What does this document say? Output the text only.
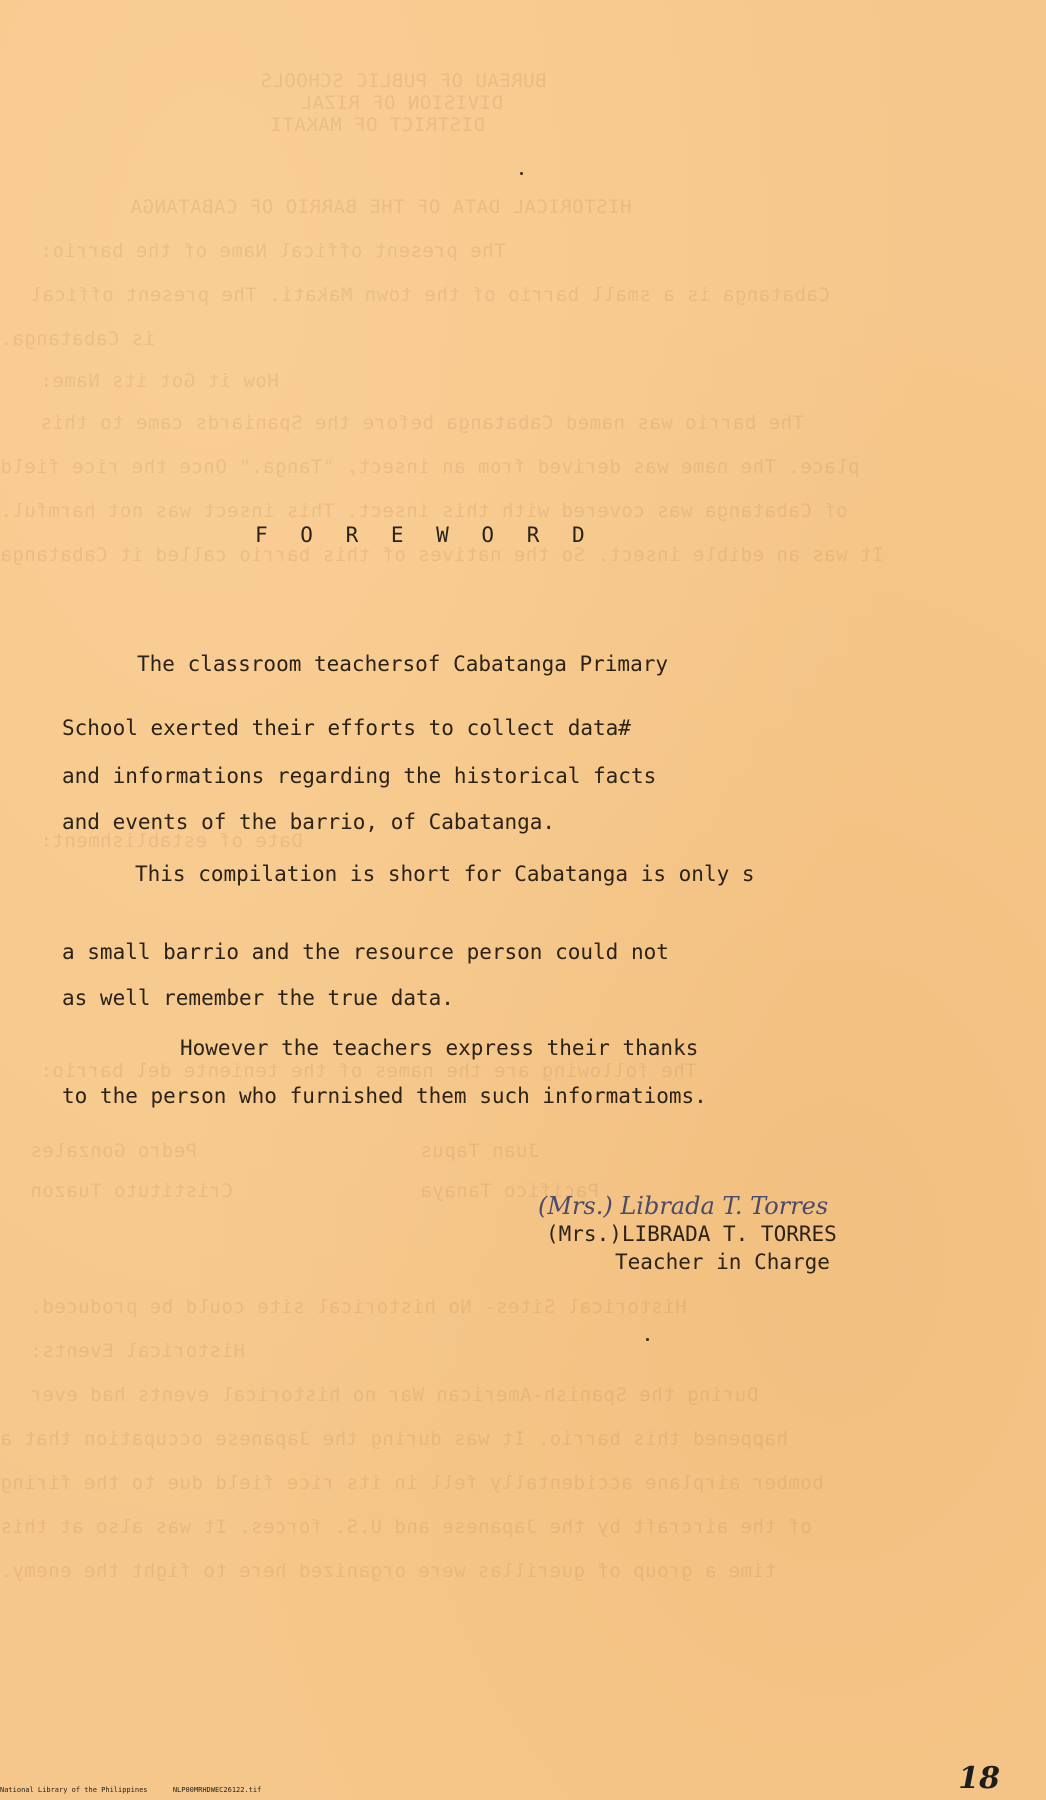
BUREAU OF PUBLIC SCHOOLS
DIVISION OF RIZAL
DISTRICT OF MAKATI
HISTORICAL DATA OF THE BARRIO OF CABATANGA
The present offical Name of the barrio:
Cabatanga is a small barrio of the town Makati. The present offical
is Cabatanga.
How it Got its Name:
The barrio was named Cabatanga before the Spaniards came to this
place. The name was derived from an insect, "Tanga." Once the rice field
of Cabatanga was covered with this insect. This insect was not harmful.
It was an edible insect. So the natives of this barrio called it Cabatanga
Date of establishment:
The following are the names of the teniente del barrio:
Pedro Gonzales	Juan Tapus
Cristituto Tuazon	Pacifico Tanaya
Historical Sites- No historical site could be produced.
Historical Events:
During the Spanish-American War no historical events had ever
happened this barrio. It was during the Japanese occupation that a
bomber airplane accidentally fell in its rice field due to the firing
of the aircraft by the Japanese and U.S. forces. It was also at this
time a group of guerillas were organized here to fight the enemy.
F O R E W O R D
The classroom teachersof Cabatanga Primary
School exerted their efforts to collect data#
and informations regarding the historical facts
and events of the barrio, of Cabatanga.
This compilation is short for Cabatanga is only s
a small barrio and the resource person could not
as well remember the true data.
However the teachers express their thanks
to the person who furnished them such informatioms.
(Mrs.) Librada T. Torres
(Mrs.)LIBRADA T. TORRES
Teacher in Charge
National Library of the Philippines	NLP00MRHDWEC26122.tif	18
